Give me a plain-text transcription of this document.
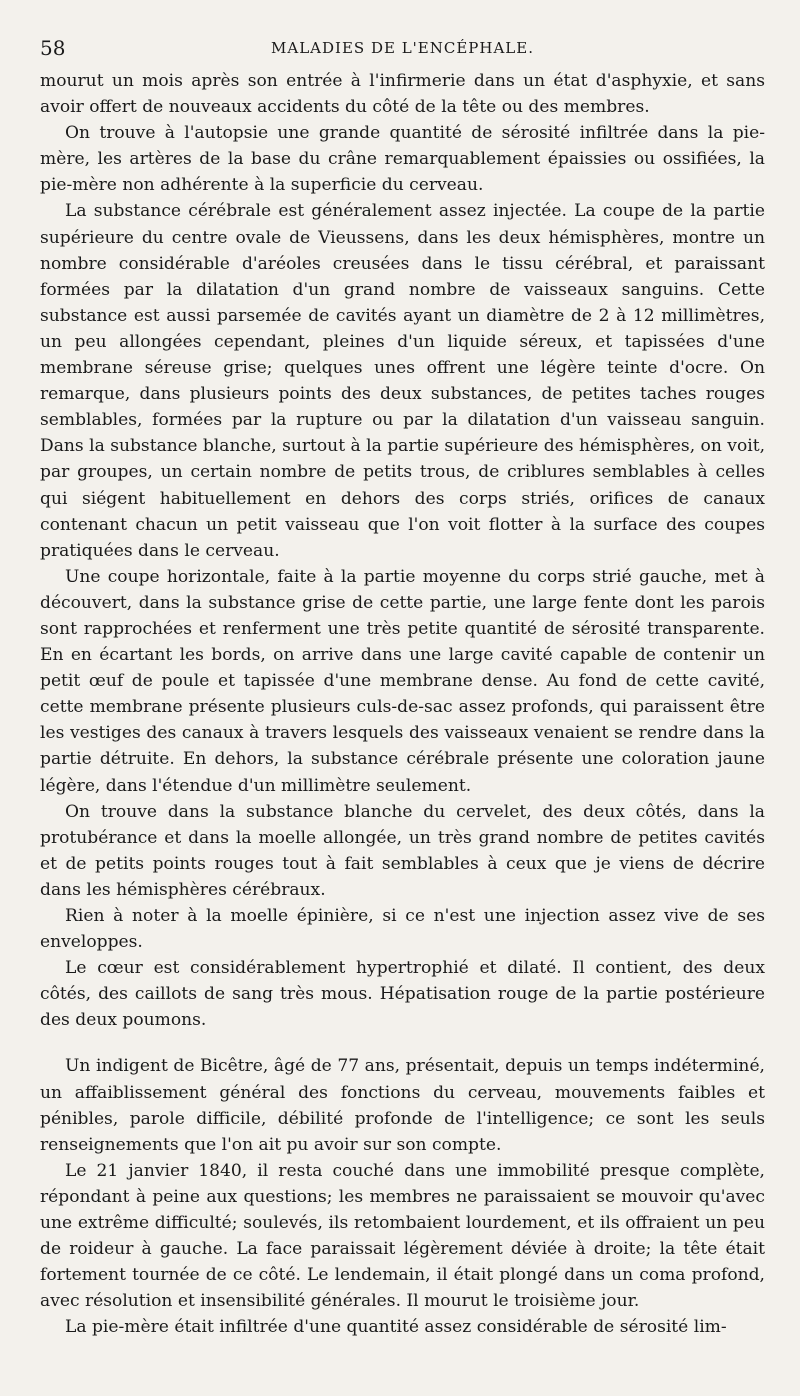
58	MALADIES DE L'ENCÉPHALE.

mourut un mois après son entrée à l'infirmerie dans un état d'asphyxie, et sans avoir offert de nouveaux accidents du côté de la tête ou des membres.

On trouve à l'autopsie une grande quantité de sérosité infiltrée dans la pie-mère, les artères de la base du crâne remarquablement épaissies ou ossifiées, la pie-mère non adhérente à la superficie du cerveau.

La substance cérébrale est généralement assez injectée. La coupe de la partie supérieure du centre ovale de Vieussens, dans les deux hémisphères, montre un nombre considérable d'aréoles creusées dans le tissu cérébral, et paraissant formées par la dilatation d'un grand nombre de vaisseaux sanguins. Cette substance est aussi parsemée de cavités ayant un diamètre de 2 à 12 millimètres, un peu allongées cependant, pleines d'un liquide séreux, et tapissées d'une membrane séreuse grise; quelques unes offrent une légère teinte d'ocre. On remarque, dans plusieurs points des deux substances, de petites taches rouges semblables, formées par la rupture ou par la dilatation d'un vaisseau sanguin. Dans la substance blanche, surtout à la partie supérieure des hémisphères, on voit, par groupes, un certain nombre de petits trous, de criblures semblables à celles qui siégent habituellement en dehors des corps striés, orifices de canaux contenant chacun un petit vaisseau que l'on voit flotter à la surface des coupes pratiquées dans le cerveau.

Une coupe horizontale, faite à la partie moyenne du corps strié gauche, met à découvert, dans la substance grise de cette partie, une large fente dont les parois sont rapprochées et renferment une très petite quantité de sérosité transparente. En en écartant les bords, on arrive dans une large cavité capable de contenir un petit œuf de poule et tapissée d'une membrane dense. Au fond de cette cavité, cette membrane présente plusieurs culs-de-sac assez profonds, qui paraissent être les vestiges des canaux à travers lesquels des vaisseaux venaient se rendre dans la partie détruite. En dehors, la substance cérébrale présente une coloration jaune légère, dans l'étendue d'un millimètre seulement.

On trouve dans la substance blanche du cervelet, des deux côtés, dans la protubérance et dans la moelle allongée, un très grand nombre de petites cavités et de petits points rouges tout à fait semblables à ceux que je viens de décrire dans les hémisphères cérébraux.

Rien à noter à la moelle épinière, si ce n'est une injection assez vive de ses enveloppes.

Le cœur est considérablement hypertrophié et dilaté. Il contient, des deux côtés, des caillots de sang très mous. Hépatisation rouge de la partie postérieure des deux poumons.

Un indigent de Bicêtre, âgé de 77 ans, présentait, depuis un temps indéterminé, un affaiblissement général des fonctions du cerveau, mouvements faibles et pénibles, parole difficile, débilité profonde de l'intelligence; ce sont les seuls renseignements que l'on ait pu avoir sur son compte.

Le 21 janvier 1840, il resta couché dans une immobilité presque complète, répondant à peine aux questions; les membres ne paraissaient se mouvoir qu'avec une extrême difficulté; soulevés, ils retombaient lourdement, et ils offraient un peu de roideur à gauche. La face paraissait légèrement déviée à droite; la tête était fortement tournée de ce côté. Le lendemain, il était plongé dans un coma profond, avec résolution et insensibilité générales. Il mourut le troisième jour.

La pie-mère était infiltrée d'une quantité assez considérable de sérosité lim-
